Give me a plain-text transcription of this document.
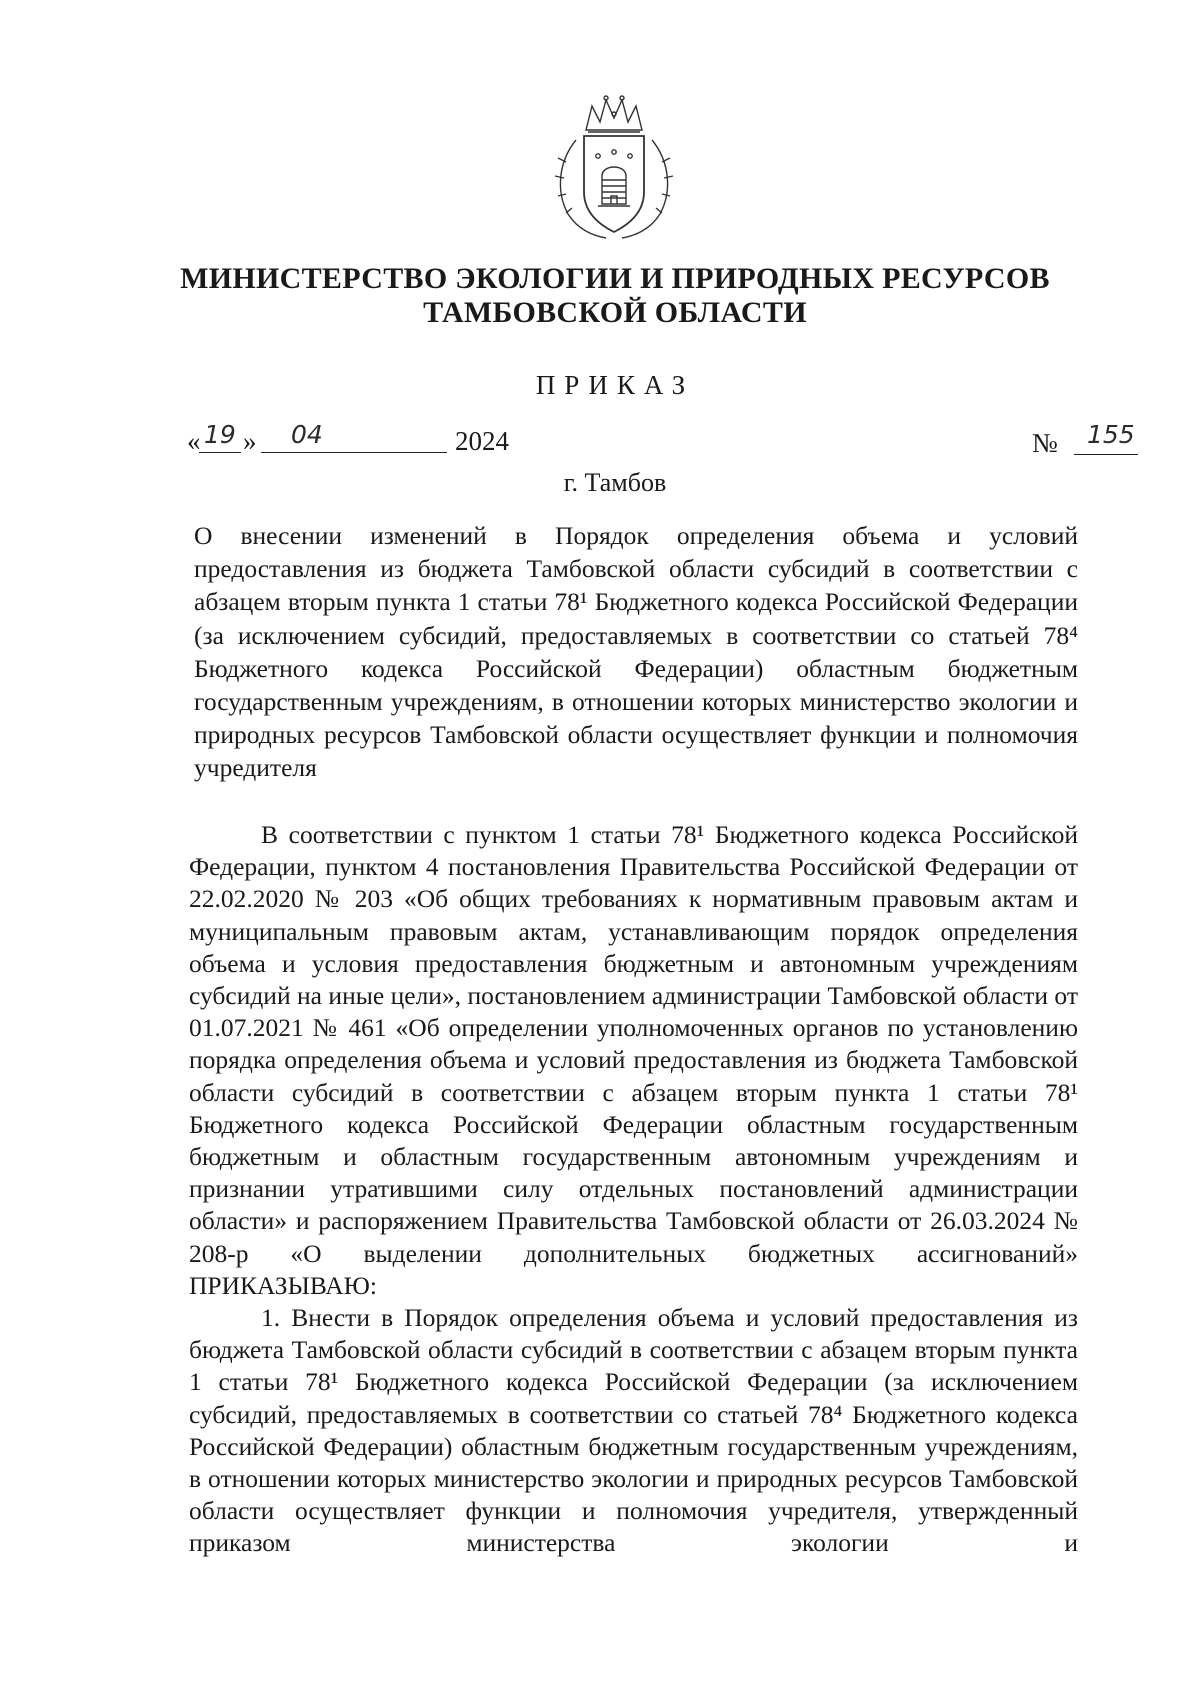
МИНИСТЕРСТВО ЭКОЛОГИИ И ПРИРОДНЫХ РЕСУРСОВ
ТАМБОВСКОЙ ОБЛАСТИ
ПРИКАЗ
« 19 » 04	2024	№ 155
г. Тамбов
О внесении изменений в Порядок определения объема и условий предоставления из бюджета Тамбовской области субсидий в соответствии с абзацем вторым пункта 1 статьи 78¹ Бюджетного кодекса Российской Федерации (за исключением субсидий, предоставляемых в соответствии со статьей 78⁴ Бюджетного кодекса Российской Федерации) областным бюджетным государственным учреждениям, в отношении которых министерство экологии и природных ресурсов Тамбовской области осуществляет функции и полномочия учредителя

В соответствии с пунктом 1 статьи 78¹ Бюджетного кодекса Российской Федерации, пунктом 4 постановления Правительства Российской Федерации от 22.02.2020 № 203 «Об общих требованиях к нормативным правовым актам и муниципальным правовым актам, устанавливающим порядок определения объема и условия предоставления бюджетным и автономным учреждениям субсидий на иные цели», постановлением администрации Тамбовской области от 01.07.2021 № 461 «Об определении уполномоченных органов по установлению порядка определения объема и условий предоставления из бюджета Тамбовской области субсидий в соответствии с абзацем вторым пункта 1 статьи 78¹ Бюджетного кодекса Российской Федерации областным государственным бюджетным и областным государственным автономным учреждениям и признании утратившими силу отдельных постановлений администрации области» и распоряжением Правительства Тамбовской области от 26.03.2024 № 208-р «О выделении дополнительных бюджетных ассигнований» ПРИКАЗЫВАЮ:

1. Внести в Порядок определения объема и условий предоставления из бюджета Тамбовской области субсидий в соответствии с абзацем вторым пункта 1 статьи 78¹ Бюджетного кодекса Российской Федерации (за исключением субсидий, предоставляемых в соответствии со статьей 78⁴ Бюджетного кодекса Российской Федерации) областным бюджетным государственным учреждениям, в отношении которых министерство экологии и природных ресурсов Тамбовской области осуществляет функции и полномочия учредителя, утвержденный приказом министерства экологии и
